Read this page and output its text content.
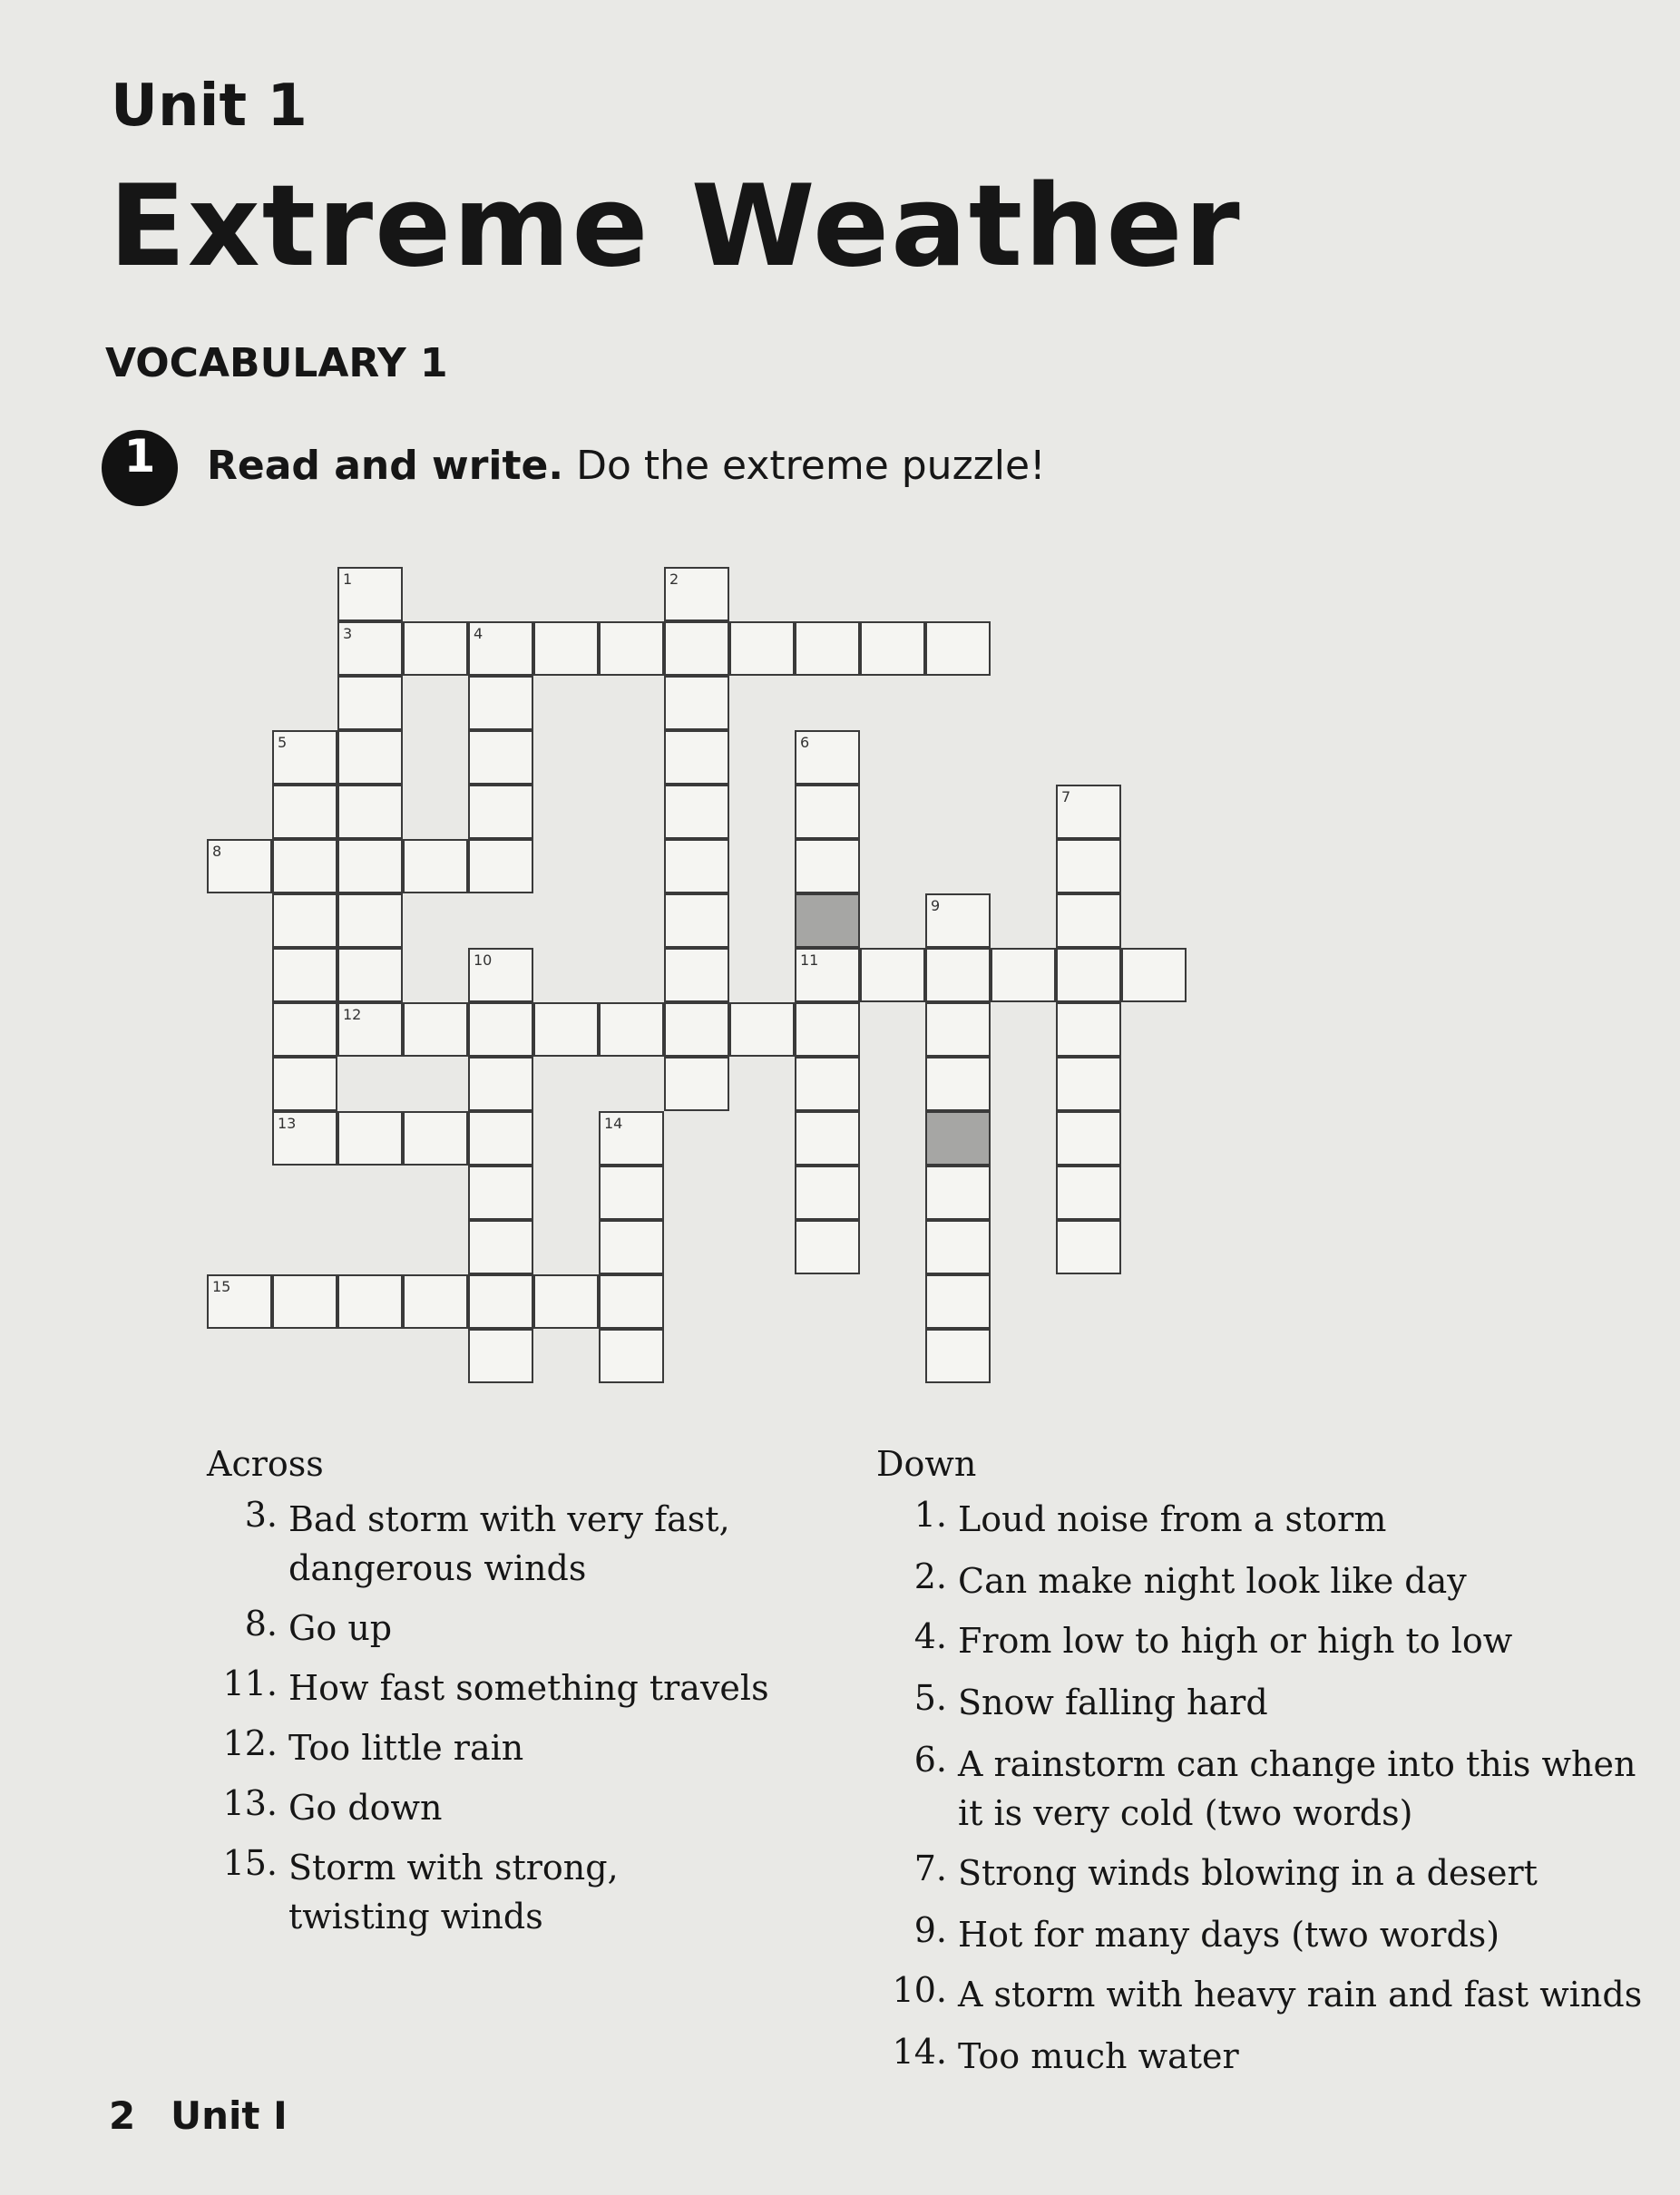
Unit 1
Extreme Weather
VOCABULARY 1
1	Read and write. Do the extreme puzzle!
1
3
2
4
5
13
6
11
7
9
10
14
8
12
15
Across	Down
3. Bad storm with very fast,
dangerous winds
8. Go up
11. How fast something travels
12. Too little rain
13. Go down
15. Storm with strong,
twisting winds
1. Loud noise from a storm
2. Can make night look like day
4. From low to high or high to low
5. Snow falling hard
6. A rainstorm can change into this when
it is very cold (two words)
7. Strong winds blowing in a desert
9. Hot for many days (two words)
10. A storm with heavy rain and fast winds
14. Too much water
2 Unit I
